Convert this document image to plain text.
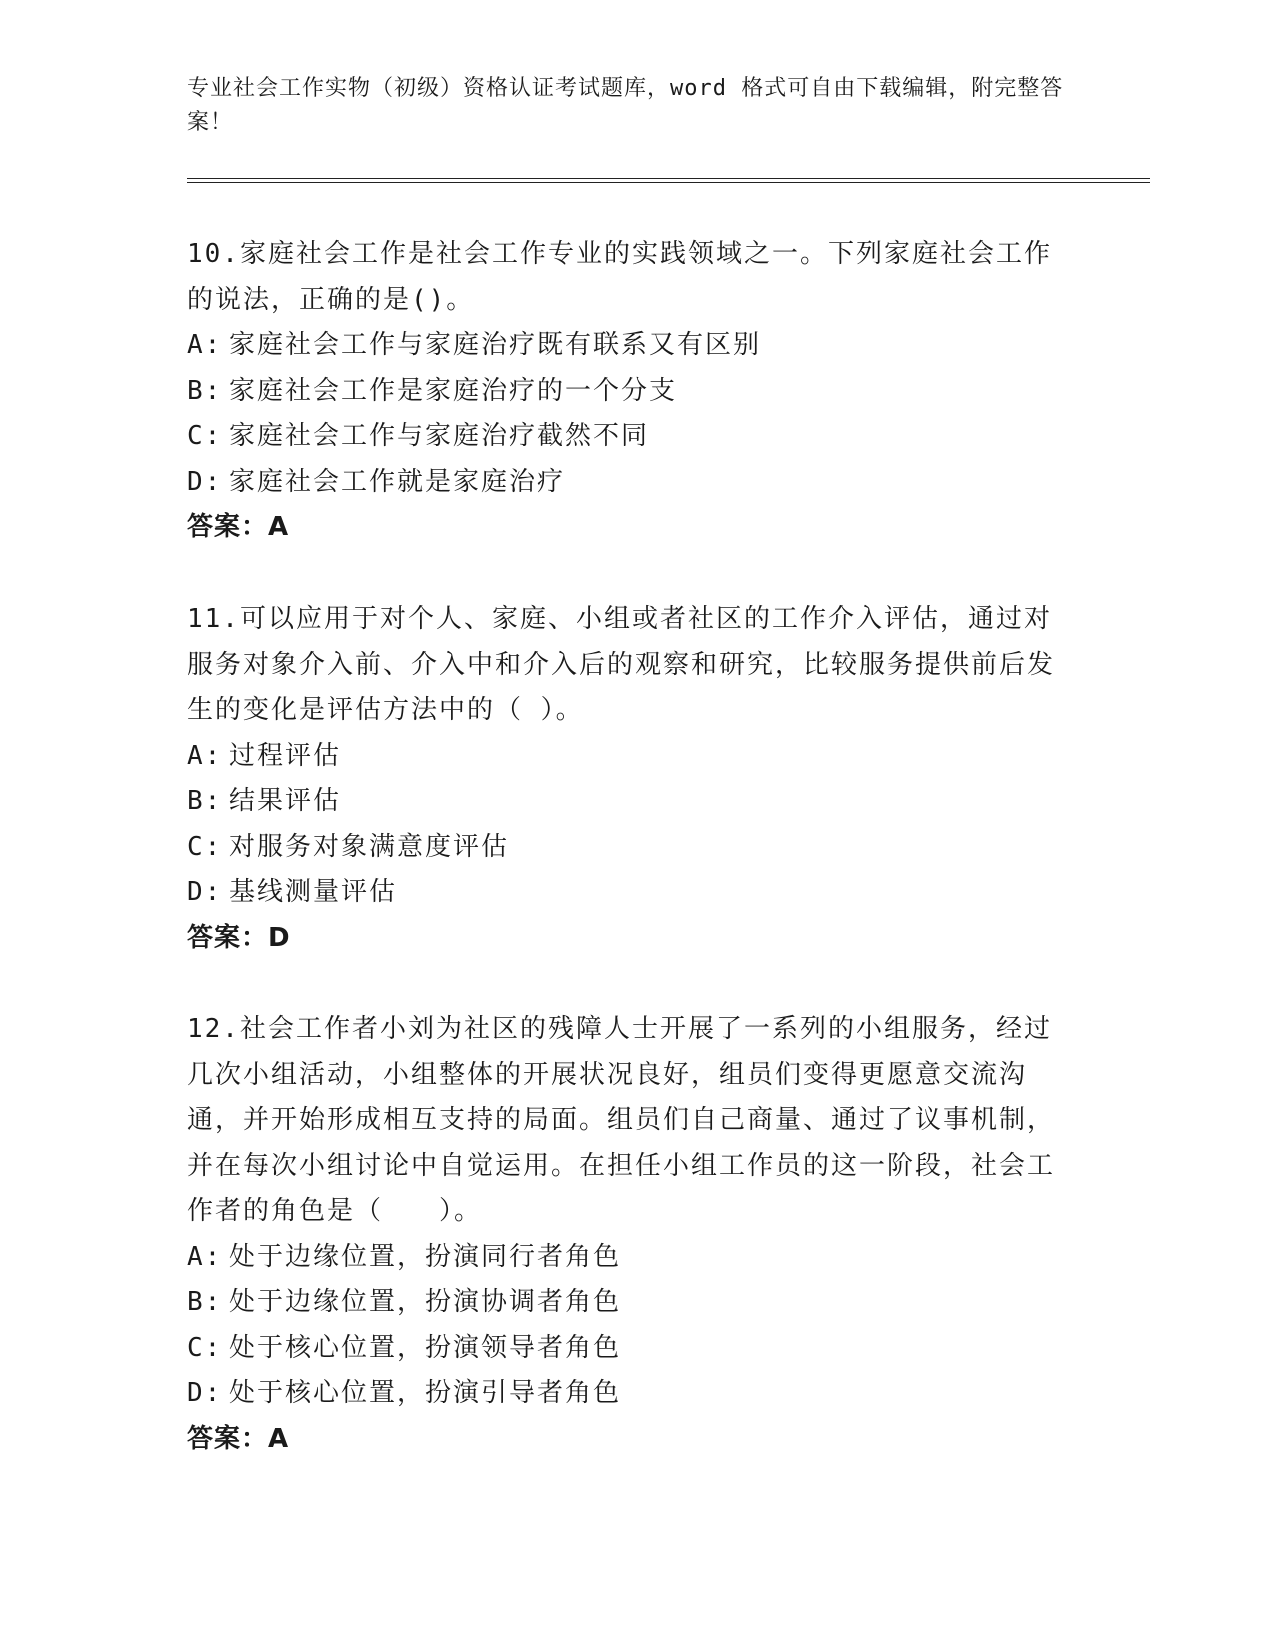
专业社会工作实物（初级）资格认证考试题库，word 格式可自由下载编辑，附完整答案！

10.家庭社会工作是社会工作专业的实践领域之一。下列家庭社会工作的说法，正确的是()。

A: 家庭社会工作与家庭治疗既有联系又有区别
B: 家庭社会工作是家庭治疗的一个分支
C: 家庭社会工作与家庭治疗截然不同
D: 家庭社会工作就是家庭治疗

答案：A

11.可以应用于对个人、家庭、小组或者社区的工作介入评估，通过对服务对象介入前、介入中和介入后的观察和研究，比较服务提供前后发生的变化是评估方法中的（ ）。

A: 过程评估
B: 结果评估
C: 对服务对象满意度评估
D: 基线测量评估

答案：D

12.社会工作者小刘为社区的残障人士开展了一系列的小组服务，经过几次小组活动，小组整体的开展状况良好，组员们变得更愿意交流沟通，并开始形成相互支持的局面。组员们自己商量、通过了议事机制，并在每次小组讨论中自觉运用。在担任小组工作员的这一阶段，社会工作者的角色是（　　）。

A: 处于边缘位置，扮演同行者角色
B: 处于边缘位置，扮演协调者角色
C: 处于核心位置，扮演领导者角色
D: 处于核心位置，扮演引导者角色

答案：A
